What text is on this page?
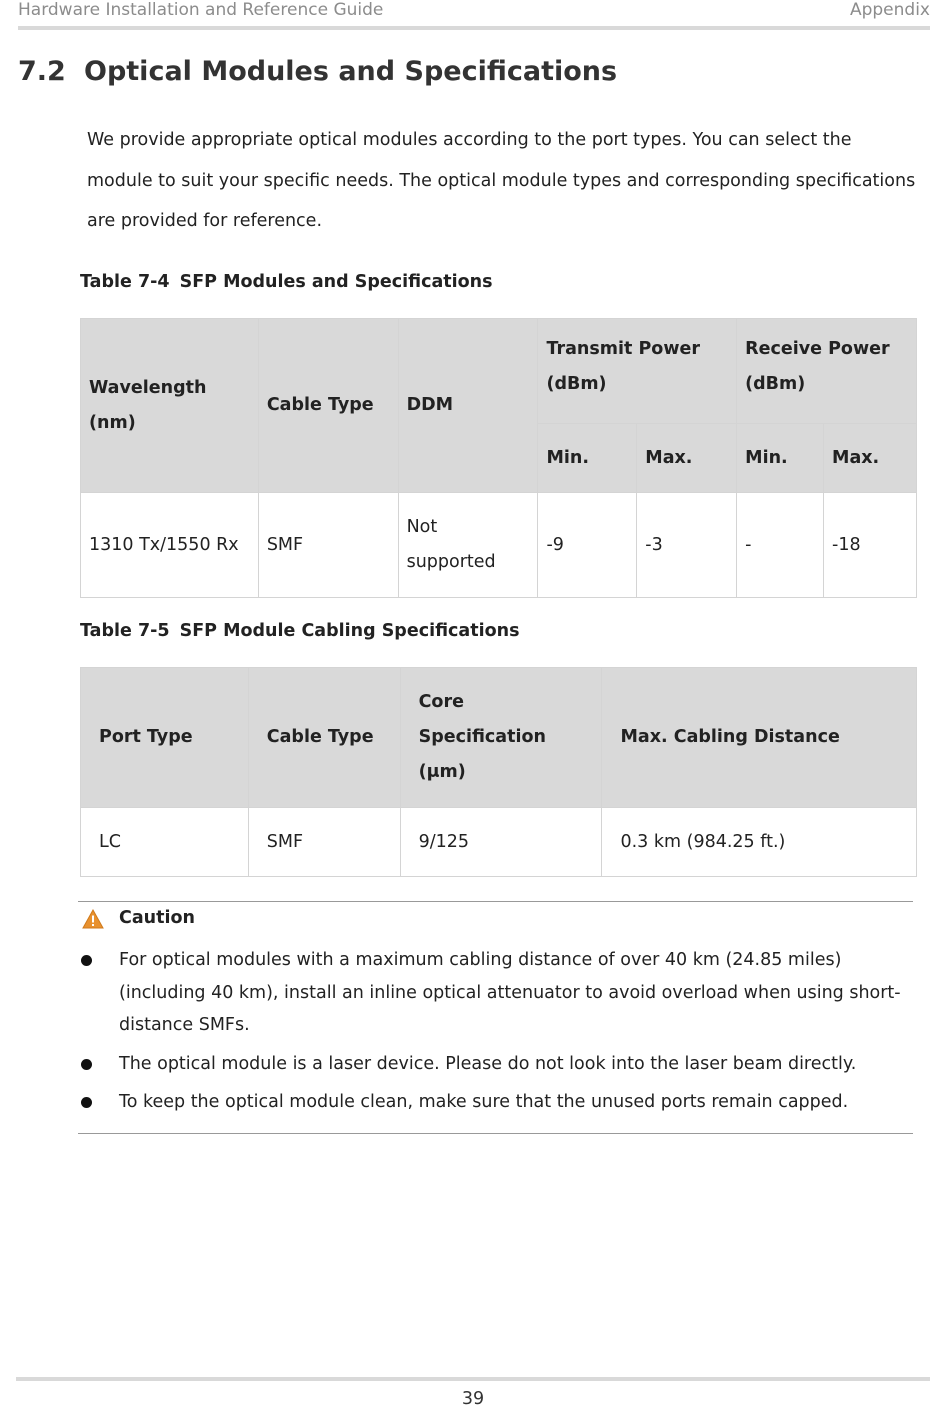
Hardware Installation and Reference Guide	Appendix
7.2 Optical Modules and Specifications

We provide appropriate optical modules according to the port types. You can select the module to suit your specific needs. The optical module types and corresponding specifications are provided for reference.

Table 7-4 SFP Modules and Specifications

Wavelength (nm)	Cable Type	DDM	Transmit Power (dBm)		Receive Power (dBm)	
			Min.	Max.	Min.	Max.
1310 Tx/1550 Rx	SMF	Not supported	-9	-3	-	-18

Table 7-5 SFP Module Cabling Specifications

Port Type	Cable Type	Core Specification (μm)	Max. Cabling Distance
LC	SMF	9/125	0.3 km (984.25 ft.)
Caution
For optical modules with a maximum cabling distance of over 40 km (24.85 miles) (including 40 km), install an inline optical attenuator to avoid overload when using short-distance SMFs.
The optical module is a laser device. Please do not look into the laser beam directly.
To keep the optical module clean, make sure that the unused ports remain capped.
39
